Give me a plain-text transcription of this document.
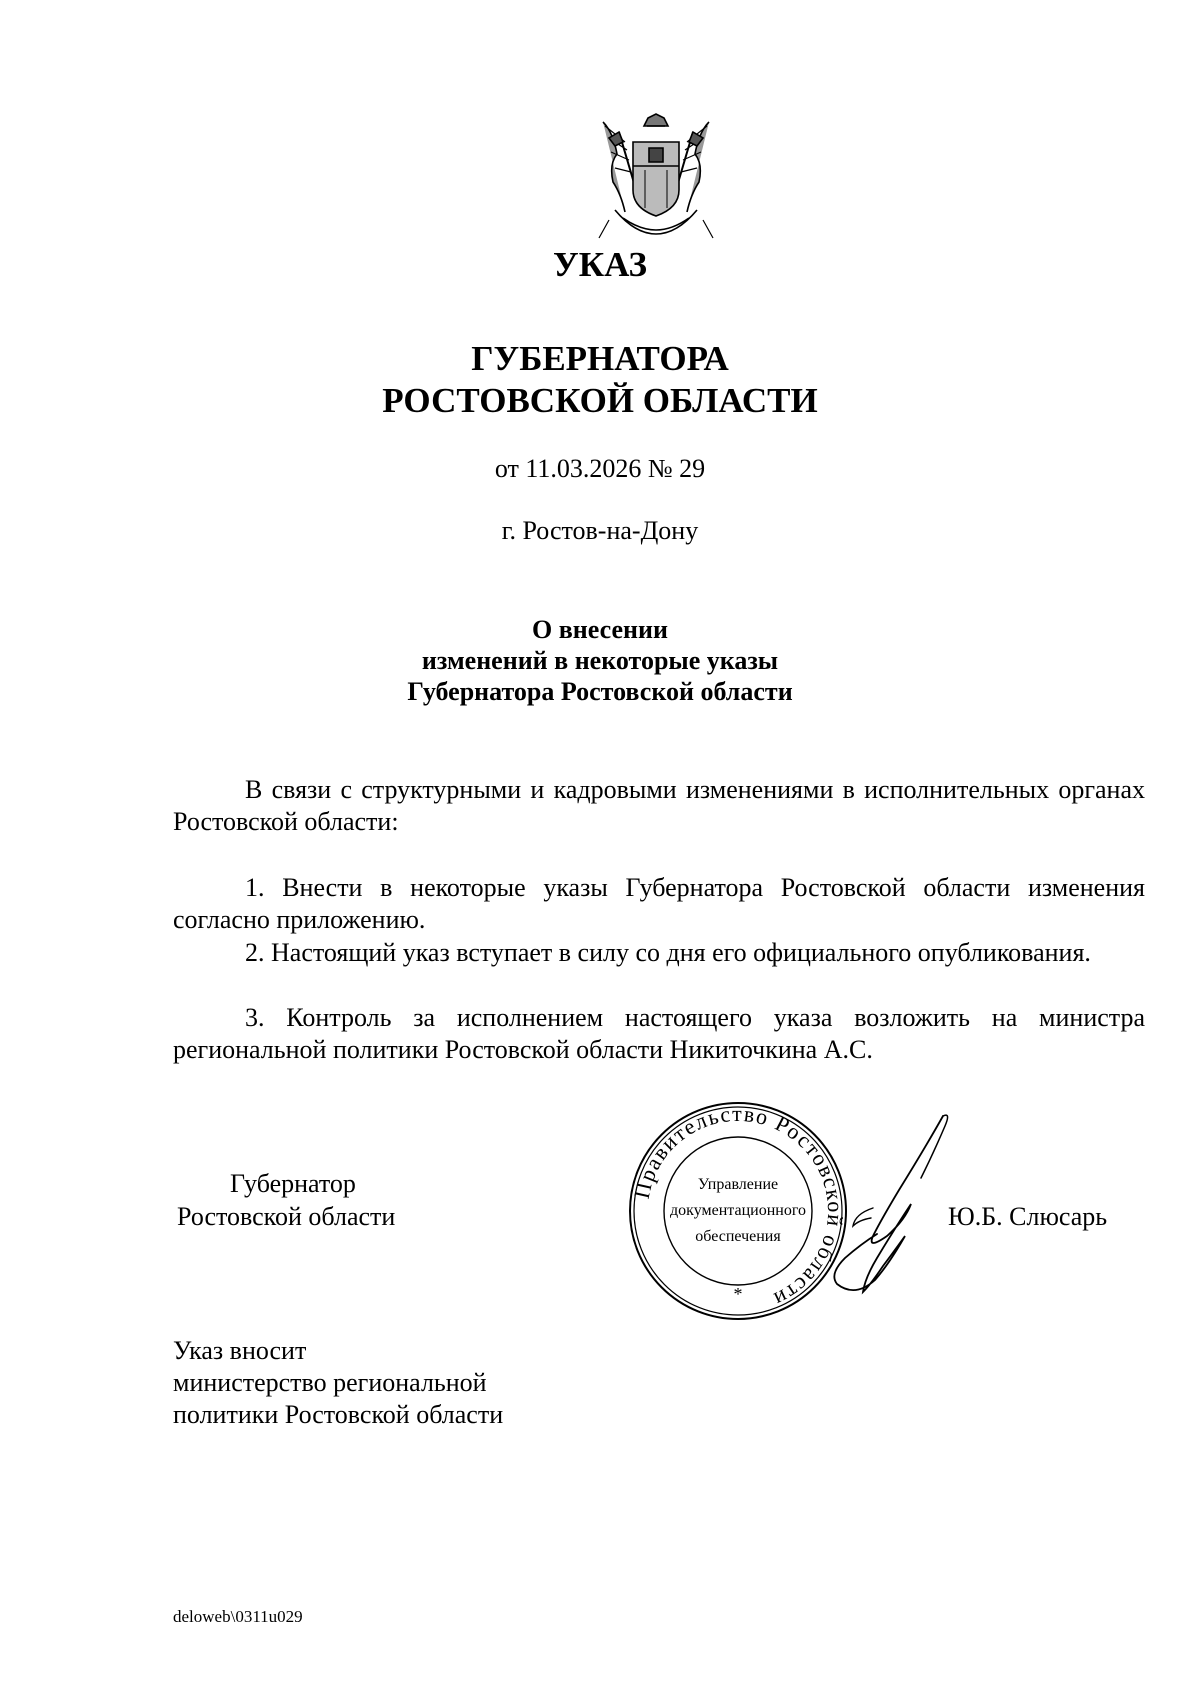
УКАЗ
ГУБЕРНАТОРА
РОСТОВСКОЙ ОБЛАСТИ
от 11.03.2026 № 29
г. Ростов-на-Дону
О внесении
изменений в некоторые указы
Губернатора Ростовской области

В связи с структурными и кадровыми изменениями в исполнительных органах Ростовской области:

1. Внести в некоторые указы Губернатора Ростовской области изменения согласно приложению.

2. Настоящий указ вступает в силу со дня его официального опубликования.

3. Контроль за исполнением настоящего указа возложить на министра региональной политики Ростовской области Никиточкина А.С.

Губернатор
Ростовской области
Правительство Ростовской области
Управление
документационного
обеспечения
*
Ю.Б. Слюсарь
Указ вносит
министерство региональной
политики Ростовской области
deloweb\0311u029
